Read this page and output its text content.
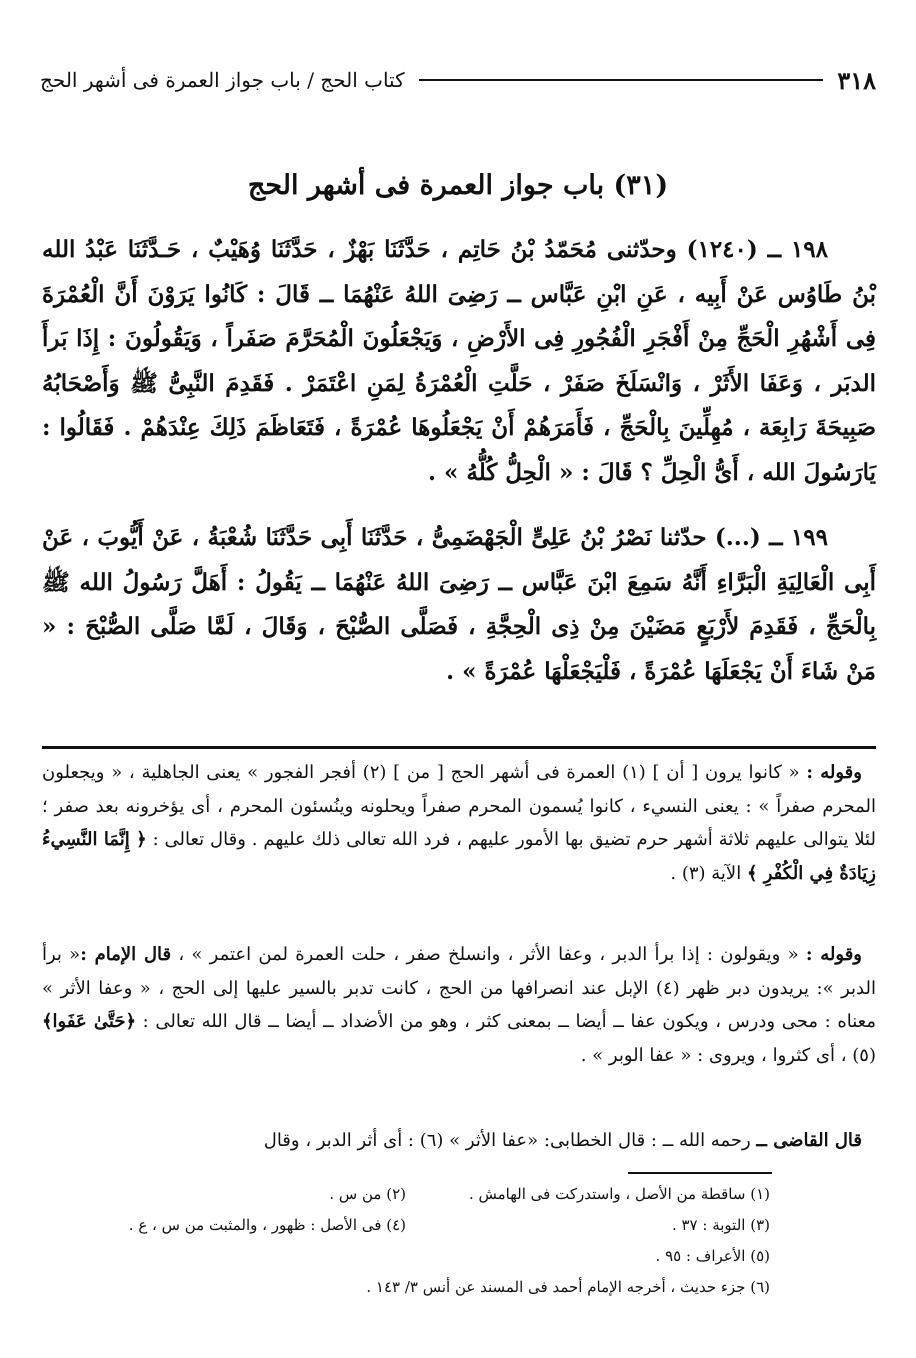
٣١٨
كتاب الحج / باب جواز العمرة فى أشهر الحج
(٣١) باب جواز العمرة فى أشهر الحج

١٩٨ ــ (١٢٤٠) وحدّثنى مُحَمّدُ بْنُ حَاتِم ، حَدَّثَنَا بَهْزٌ ، حَدَّثَنَا وُهَيْبٌ ، حَـدَّثَنَا عَبْدُ الله بْنُ طَاوُس عَنْ أَبِيه ، عَنِ ابْنِ عَبَّاس ــ رَضِىَ اللهُ عَنْهُمَا ــ قَالَ : كَانُوا يَرَوْنَ أَنَّ الْعُمْرَةَ فِى أَشْهُرِ الْحَجِّ مِنْ أَفْجَرِ الْفُجُورِ فِى الأَرْضِ ، وَيَجْعَلُونَ الْمُحَرَّمَ صَفَراً ، وَيَقُولُونَ : إِذَا بَرأَ الدبَر ، وَعَفَا الأَثَرْ ، وَانْسَلَخَ صَفَرْ ، حَلَّتِ الْعُمْرَةُ لِمَنِ اعْتَمَرْ . فَقَدِمَ النَّبِىُّ ﷺ وَأَصْحَابُهُ صَبِيحَةَ رَابِعَة ، مُهِلِّينَ بِالْحَجِّ ، فَأَمَرَهُمْ أَنْ يَجْعَلُوهَا عُمْرَةً ، فَتَعَاظَمَ ذَلِكَ عِنْدَهُمْ . فَقَالُوا : يَارَسُولَ الله ، أَىُّ الْحِلِّ ؟ قَالَ : « الْحِلُّ كُلُّهُ » .

١٩٩ ــ (...) حدّثنا نَصْرُ بْنُ عَلِىٍّ الْجَهْضَمِىُّ ، حَدَّثَنَا أَبِى حَدَّثَنَا شُعْبَةُ ، عَنْ أَيُّوبَ ، عَنْ أَبِى الْعَالِيَةِ الْبَرَّاءِ أَنَّهُ سَمِعَ ابْنَ عَبَّاس ــ رَضِىَ اللهُ عَنْهُمَا ــ يَقُولُ : أَهَلَّ رَسُولُ الله ﷺ بِالْحَجِّ ، فَقَدِمَ لأَرْبَعٍ مَضَيْنَ مِنْ ذِى الْحِجَّةِ ، فَصَلَّى الصُّبْحَ ، وَقَالَ ، لَمَّا صَلَّى الصُّبْحَ : « مَنْ شَاءَ أَنْ يَجْعَلَهَا عُمْرَةً ، فَلْيَجْعَلْهَا عُمْرَةً » .

وقوله : « كانوا يرون [ أن ] (١) العمرة فى أشهر الحج [ من ] (٢) أفجر الفجور » يعنى الجاهلية ، « ويجعلون المحرم صفراً » : يعنى النسيء ، كانوا يُسمون المحرم صفراً ويحلونه وينُسئون المحرم ، أى يؤخرونه بعد صفر ؛ لئلا يتوالى عليهم ثلاثة أشهر حرم تضيق بها الأمور عليهم ، فرد الله تعالى ذلك عليهم . وقال تعالى : ﴿ إِنَّمَا النَّسِيءُ زِيَادَةٌ فِي الْكُفْرِ ﴾ الآية (٣) .

وقوله : « ويقولون : إذا برأ الدبر ، وعفا الأثر ، وانسلخ صفر ، حلت العمرة لمن اعتمر » ، قال الإمام :« برأ الدبر »: يريدون دبر ظهر (٤) الإبل عند انصرافها من الحج ، كانت تدبر بالسير عليها إلى الحج ، « وعفا الأثر » معناه : محى ودرس ، ويكون عفا ــ أيضا ــ بمعنى كثر ، وهو من الأضداد ــ أيضا ــ قال الله تعالى : ﴿حَتَّىٰ عَفَوا﴾ (٥) ، أى كثروا ، ويروى : « عفا الوبر » .

قال القاضى ــ رحمه الله ــ : قال الخطابى: «عفا الأثر » (٦) : أى أثر الدبر ، وقال

(١) ساقطة من الأصل ، واستدركت فى الهامش .
(٢) من س .
(٣) التوبة : ٣٧ .
(٤) فى الأصل : ظهور ، والمثبت من س ، ع .
(٥) الأعراف : ٩٥ .
(٦) جزء حديث ، أخرجه الإمام أحمد فى المسند عن أنس ٣/ ١٤٣ .
